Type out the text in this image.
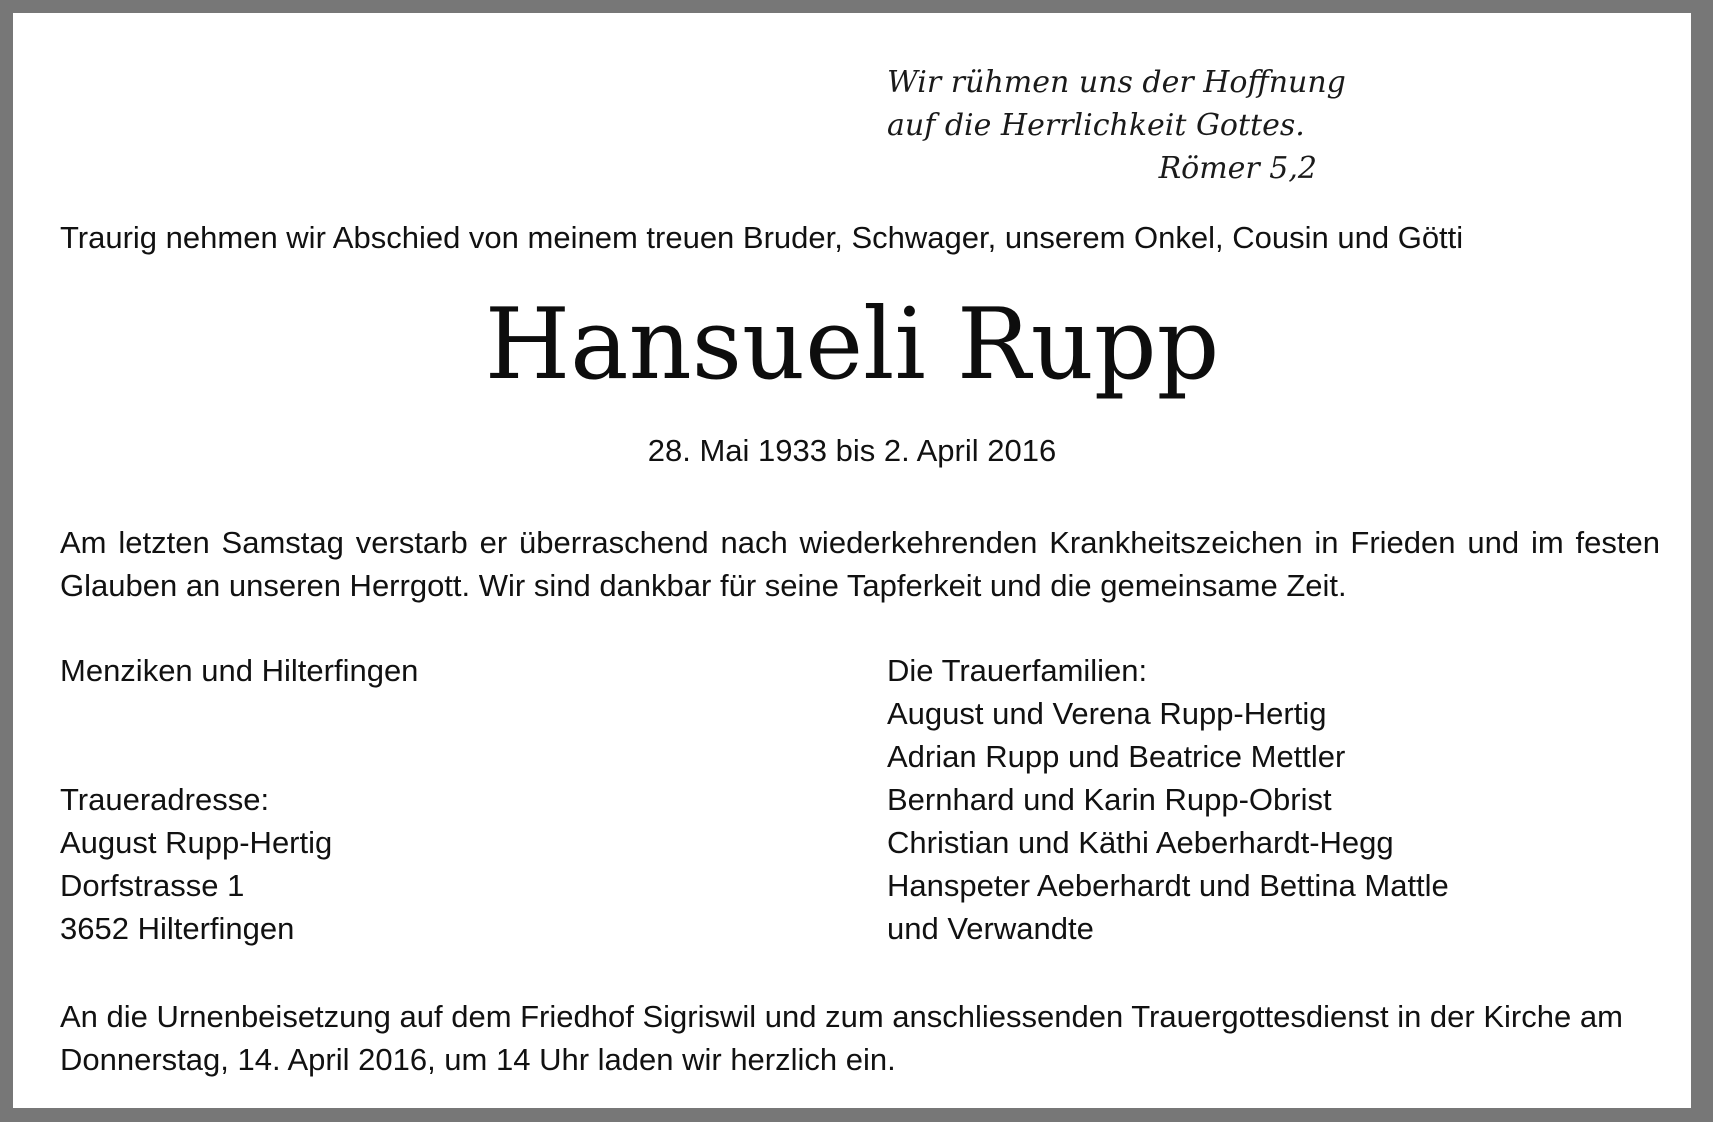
Wir rühmen uns der Hoffnung
auf die Herrlichkeit Gottes.
Römer 5,2
Traurig nehmen wir Abschied von meinem treuen Bruder, Schwager, unserem Onkel, Cousin und Götti
Hansueli Rupp
28. Mai 1933 bis 2. April 2016
Am letzten Samstag verstarb er überraschend nach wiederkehrenden Krankheitszeichen in Frieden und im festen Glauben an unseren Herrgott. Wir sind dankbar für seine Tapferkeit und die gemeinsame Zeit.
Menziken und Hilterfingen
Traueradresse:
August Rupp-Hertig
Dorfstrasse 1
3652 Hilterfingen
Die Trauerfamilien:
August und Verena Rupp-Hertig
Adrian Rupp und Beatrice Mettler
Bernhard und Karin Rupp-Obrist
Christian und Käthi Aeberhardt-Hegg
Hanspeter Aeberhardt und Bettina Mattle
und Verwandte
An die Urnenbeisetzung auf dem Friedhof Sigriswil und zum anschliessenden Trauergottesdienst in der Kirche am Donnerstag, 14. April 2016, um 14 Uhr laden wir herzlich ein.
